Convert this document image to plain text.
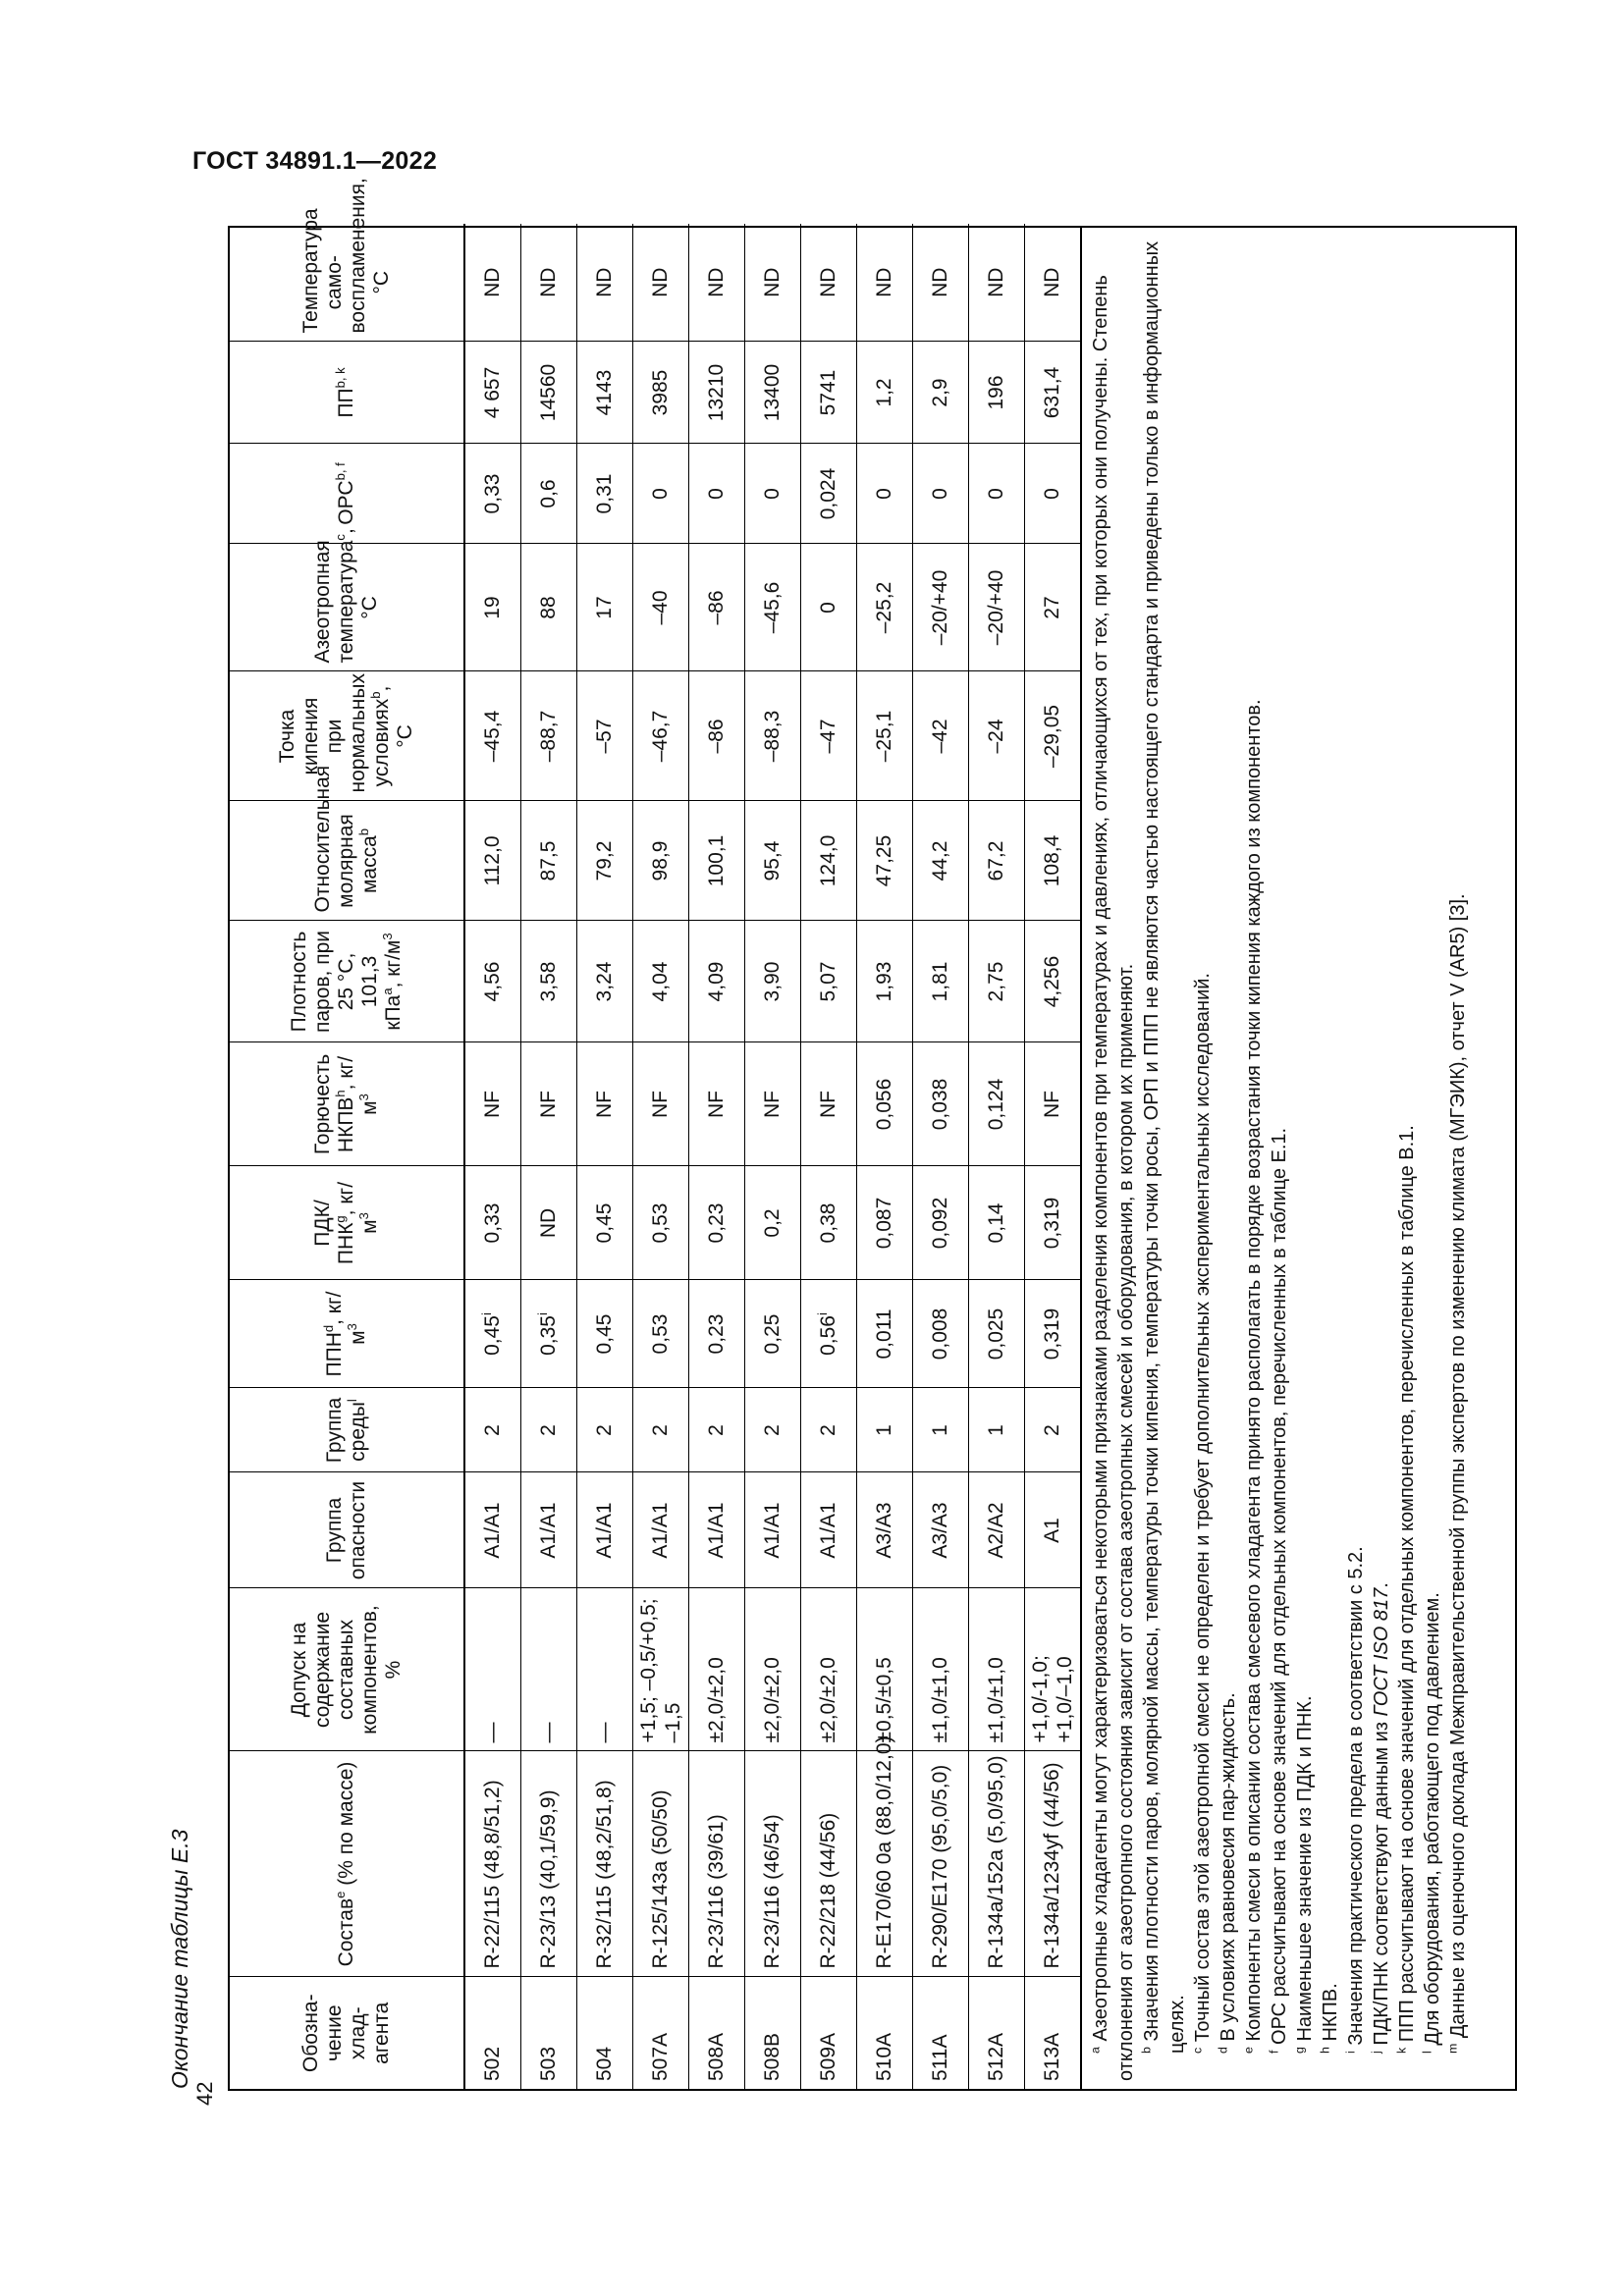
ГОСТ 34891.1—2022
42

Окончание таблицы Е.3	Обозна-чение хлад-агента	Состав$^e$ (% по массе)	Допуск на содержание составных компонентов, %	Группа опасности	Группа среды$^l$	ППН$^d$, $кг/м^3$	ПДК/ПНК$^g$, $кг/м^3$	Горючесть НКПВ$^h$, $кг/м^3$	Плотность паров, при 25 °С, 101,3 кПа$^a$, $кг/м^3$	Относительная молярная масса$^b$	Точка кипения при нормальных условиях$^b$, °С	Азеотропная температура$^c$, °С	ОРС$^{b, f}$	ПП$^{b, k}$	Температура само-воспламенения, °С
502	R-22/115 (48,8/51,2)	—	A1/A1	2	0,45$^i$	0,33	NF	4,56	112,0	–45,4	19	0,33	4 657	ND
503	R-23/13 (40,1/59,9)	—	A1/A1	2	0,35$^i$	ND	NF	3,58	87,5	–88,7	88	0,6	14560	ND
504	R-32/115 (48,2/51,8)	—	A1/A1	2	0,45	0,45	NF	3,24	79,2	–57	17	0,31	4143	ND
507A	R-125/143a (50/50)	+1,5; –0,5/+0,5; –1,5	A1/A1	2	0,53	0,53	NF	4,04	98,9	–46,7	–40	0	3985	ND
508A	R-23/116 (39/61)	±2,0/±2,0	A1/A1	2	0,23	0,23	NF	4,09	100,1	–86	–86	0	13210	ND
508B	R-23/116 (46/54)	±2,0/±2,0	A1/A1	2	0,25	0,2	NF	3,90	95,4	–88,3	–45,6	0	13400	ND
509A	R-22/218 (44/56)	±2,0/±2,0	A1/A1	2	0,56$^i$	0,38	NF	5,07	124,0	–47	0	0,024	5741	ND
510A	R-E170/60 0a (88,0/12,0)	±0,5/±0,5	A3/A3	1	0,011	0,087	0,056	1,93	47,25	–25,1	–25,2	0	1,2	ND
511A	R-290/E170 (95,0/5,0)	±1,0/±1,0	A3/A3	1	0,008	0,092	0,038	1,81	44,2	–42	–20/+40	0	2,9	ND
512A	R-134a/152a (5,0/95,0)	±1,0/±1,0	A2/A2	1	0,025	0,14	0,124	2,75	67,2	–24	–20/+40	0	196	ND
513A	R-134a/1234yf (44/56)	+1,0/-1,0; +1,0/–1,0	A1	2	0,319	0,319	NF	4,256	108,4	–29,05	27	0	631,4	ND

$^a$ Азеотропные хладагенты могут характеризоваться некоторыми признаками разделения компонентов при температурах и давлениях, отличающихся от тех, при которых они получены. Степень отклонения от азеотропного состояния зависит от состава азеотропных смесей и оборудования, в котором их применяют. $^b$ Значения плотности паров, молярной массы, температуры точки кипения, температуры точки росы, ОРП и ППП не являются частью настоящего стандарта и приведены только в информационных целях. $^c$ Точный состав этой азеотропной смеси не определен и требует дополнительных экспериментальных исследований.

$^d$ В условиях равновесия пар-жидкость.

$^e$ Компоненты смеси в описании состава смесевого хладагента принято располагать в порядке возрастания точки кипения каждого из компонентов.

$^f$ ОРС рассчитывают на основе значений для отдельных компонентов, перечисленных в таблице Е.1. $^g$ Наименьшее значение из ПДК и ПНК.

$^h$ НКПВ.

$^i$ Значения практического предела в соответствии с 5.2.

$^j$ ПДК/ПНК соответствуют данным из ГОСТ ISO 817.

$^k$ ППП рассчитывают на основе значений для отдельных компонентов, перечисленных в таблице В.1.

$^l$ Для оборудования, работающего под давлением. $^m$ Данные из оценочного доклада Межправительственной группы экспертов по изменению климата (МГЭИК), отчет V (AR5) [3].
